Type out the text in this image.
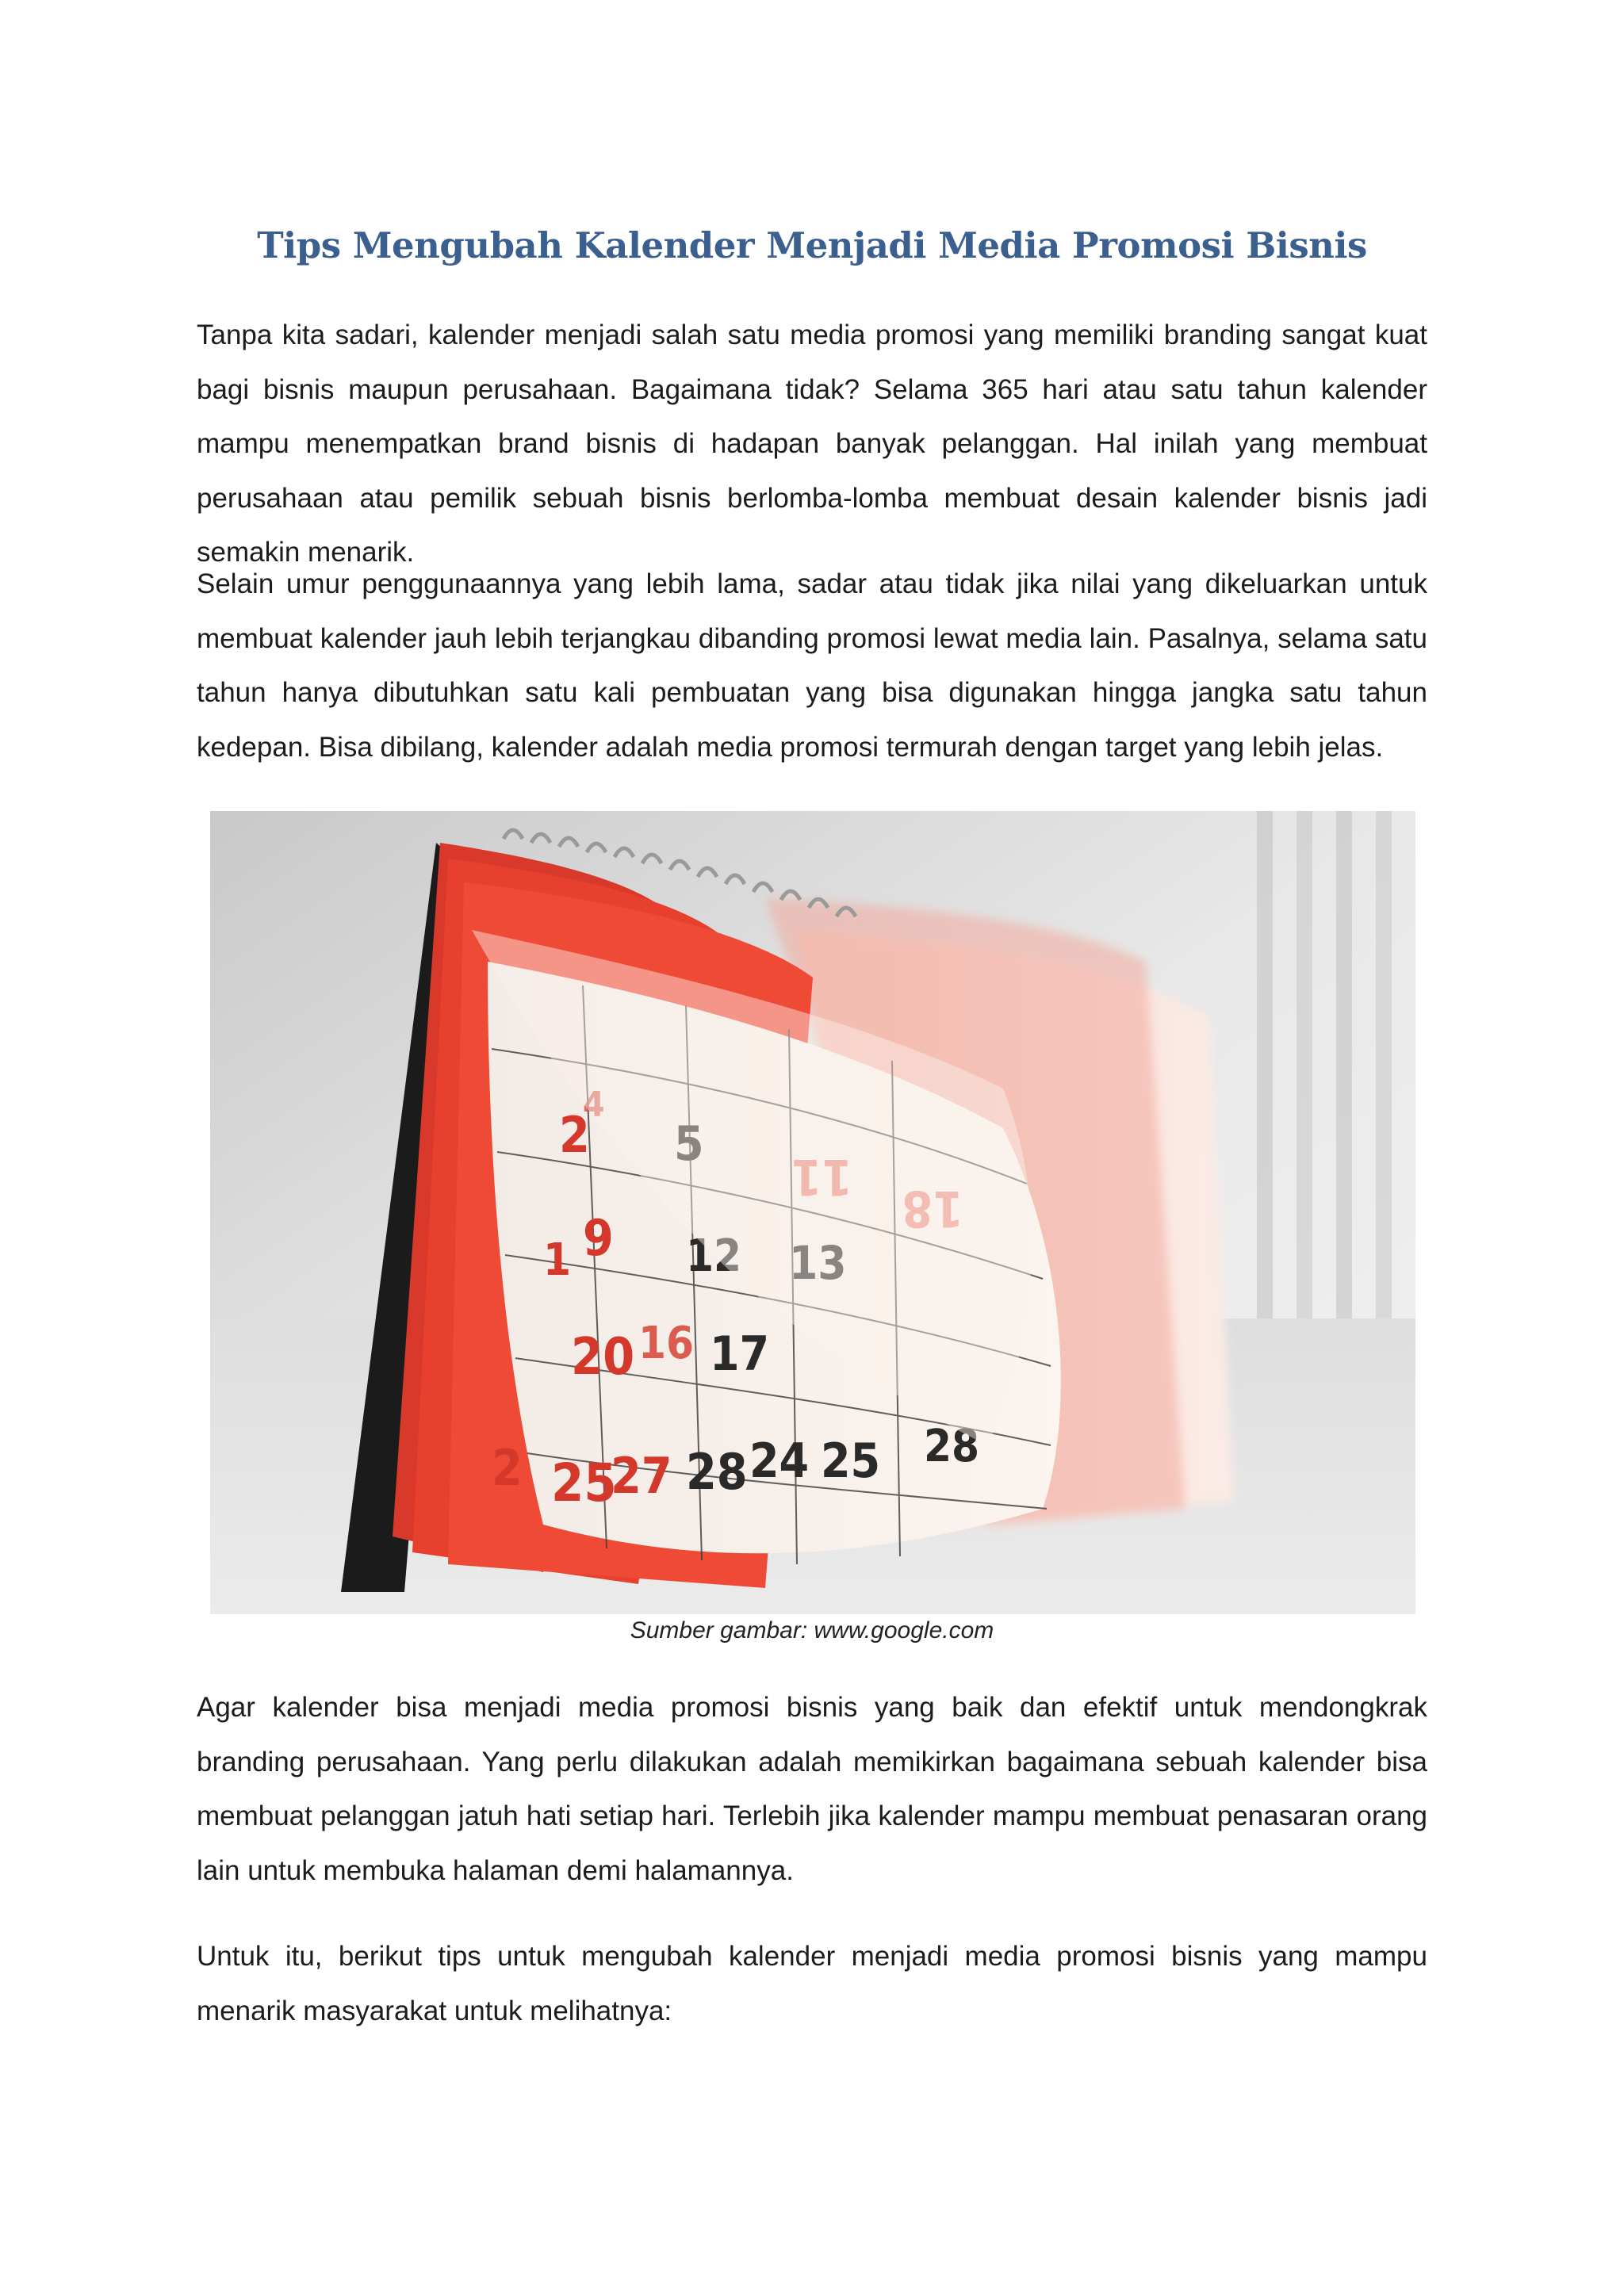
Tips Mengubah Kalender Menjadi Media Promosi Bisnis

Tanpa kita sadari, kalender menjadi salah satu media promosi yang memiliki branding sangat kuat bagi bisnis maupun perusahaan. Bagaimana tidak? Selama 365 hari atau satu tahun kalender mampu menempatkan brand bisnis di hadapan banyak pelanggan. Hal inilah yang membuat perusahaan atau pemilik sebuah bisnis berlomba-lomba membuat desain kalender bisnis jadi semakin menarik.

Selain umur penggunaannya yang lebih lama, sadar atau tidak jika nilai yang dikeluarkan untuk membuat kalender jauh lebih terjangkau dibanding promosi lewat media lain. Pasalnya, selama satu tahun hanya dibutuhkan satu kali pembuatan yang bisa digunakan hingga jangka satu tahun kedepan. Bisa dibilang, kalender adalah media promosi termurah dengan target yang lebih jelas.

2
4
5
11
18
9
1	12 13
20 16 17
2 25
27 28 24 25 28

Sumber gambar: www.google.com

Agar kalender bisa menjadi media promosi bisnis yang baik dan efektif untuk mendongkrak branding perusahaan. Yang perlu dilakukan adalah memikirkan bagaimana sebuah kalender bisa membuat pelanggan jatuh hati setiap hari. Terlebih jika kalender mampu membuat penasaran orang lain untuk membuka halaman demi halamannya.

Untuk itu, berikut tips untuk mengubah kalender menjadi media promosi bisnis yang mampu menarik masyarakat untuk melihatnya:
